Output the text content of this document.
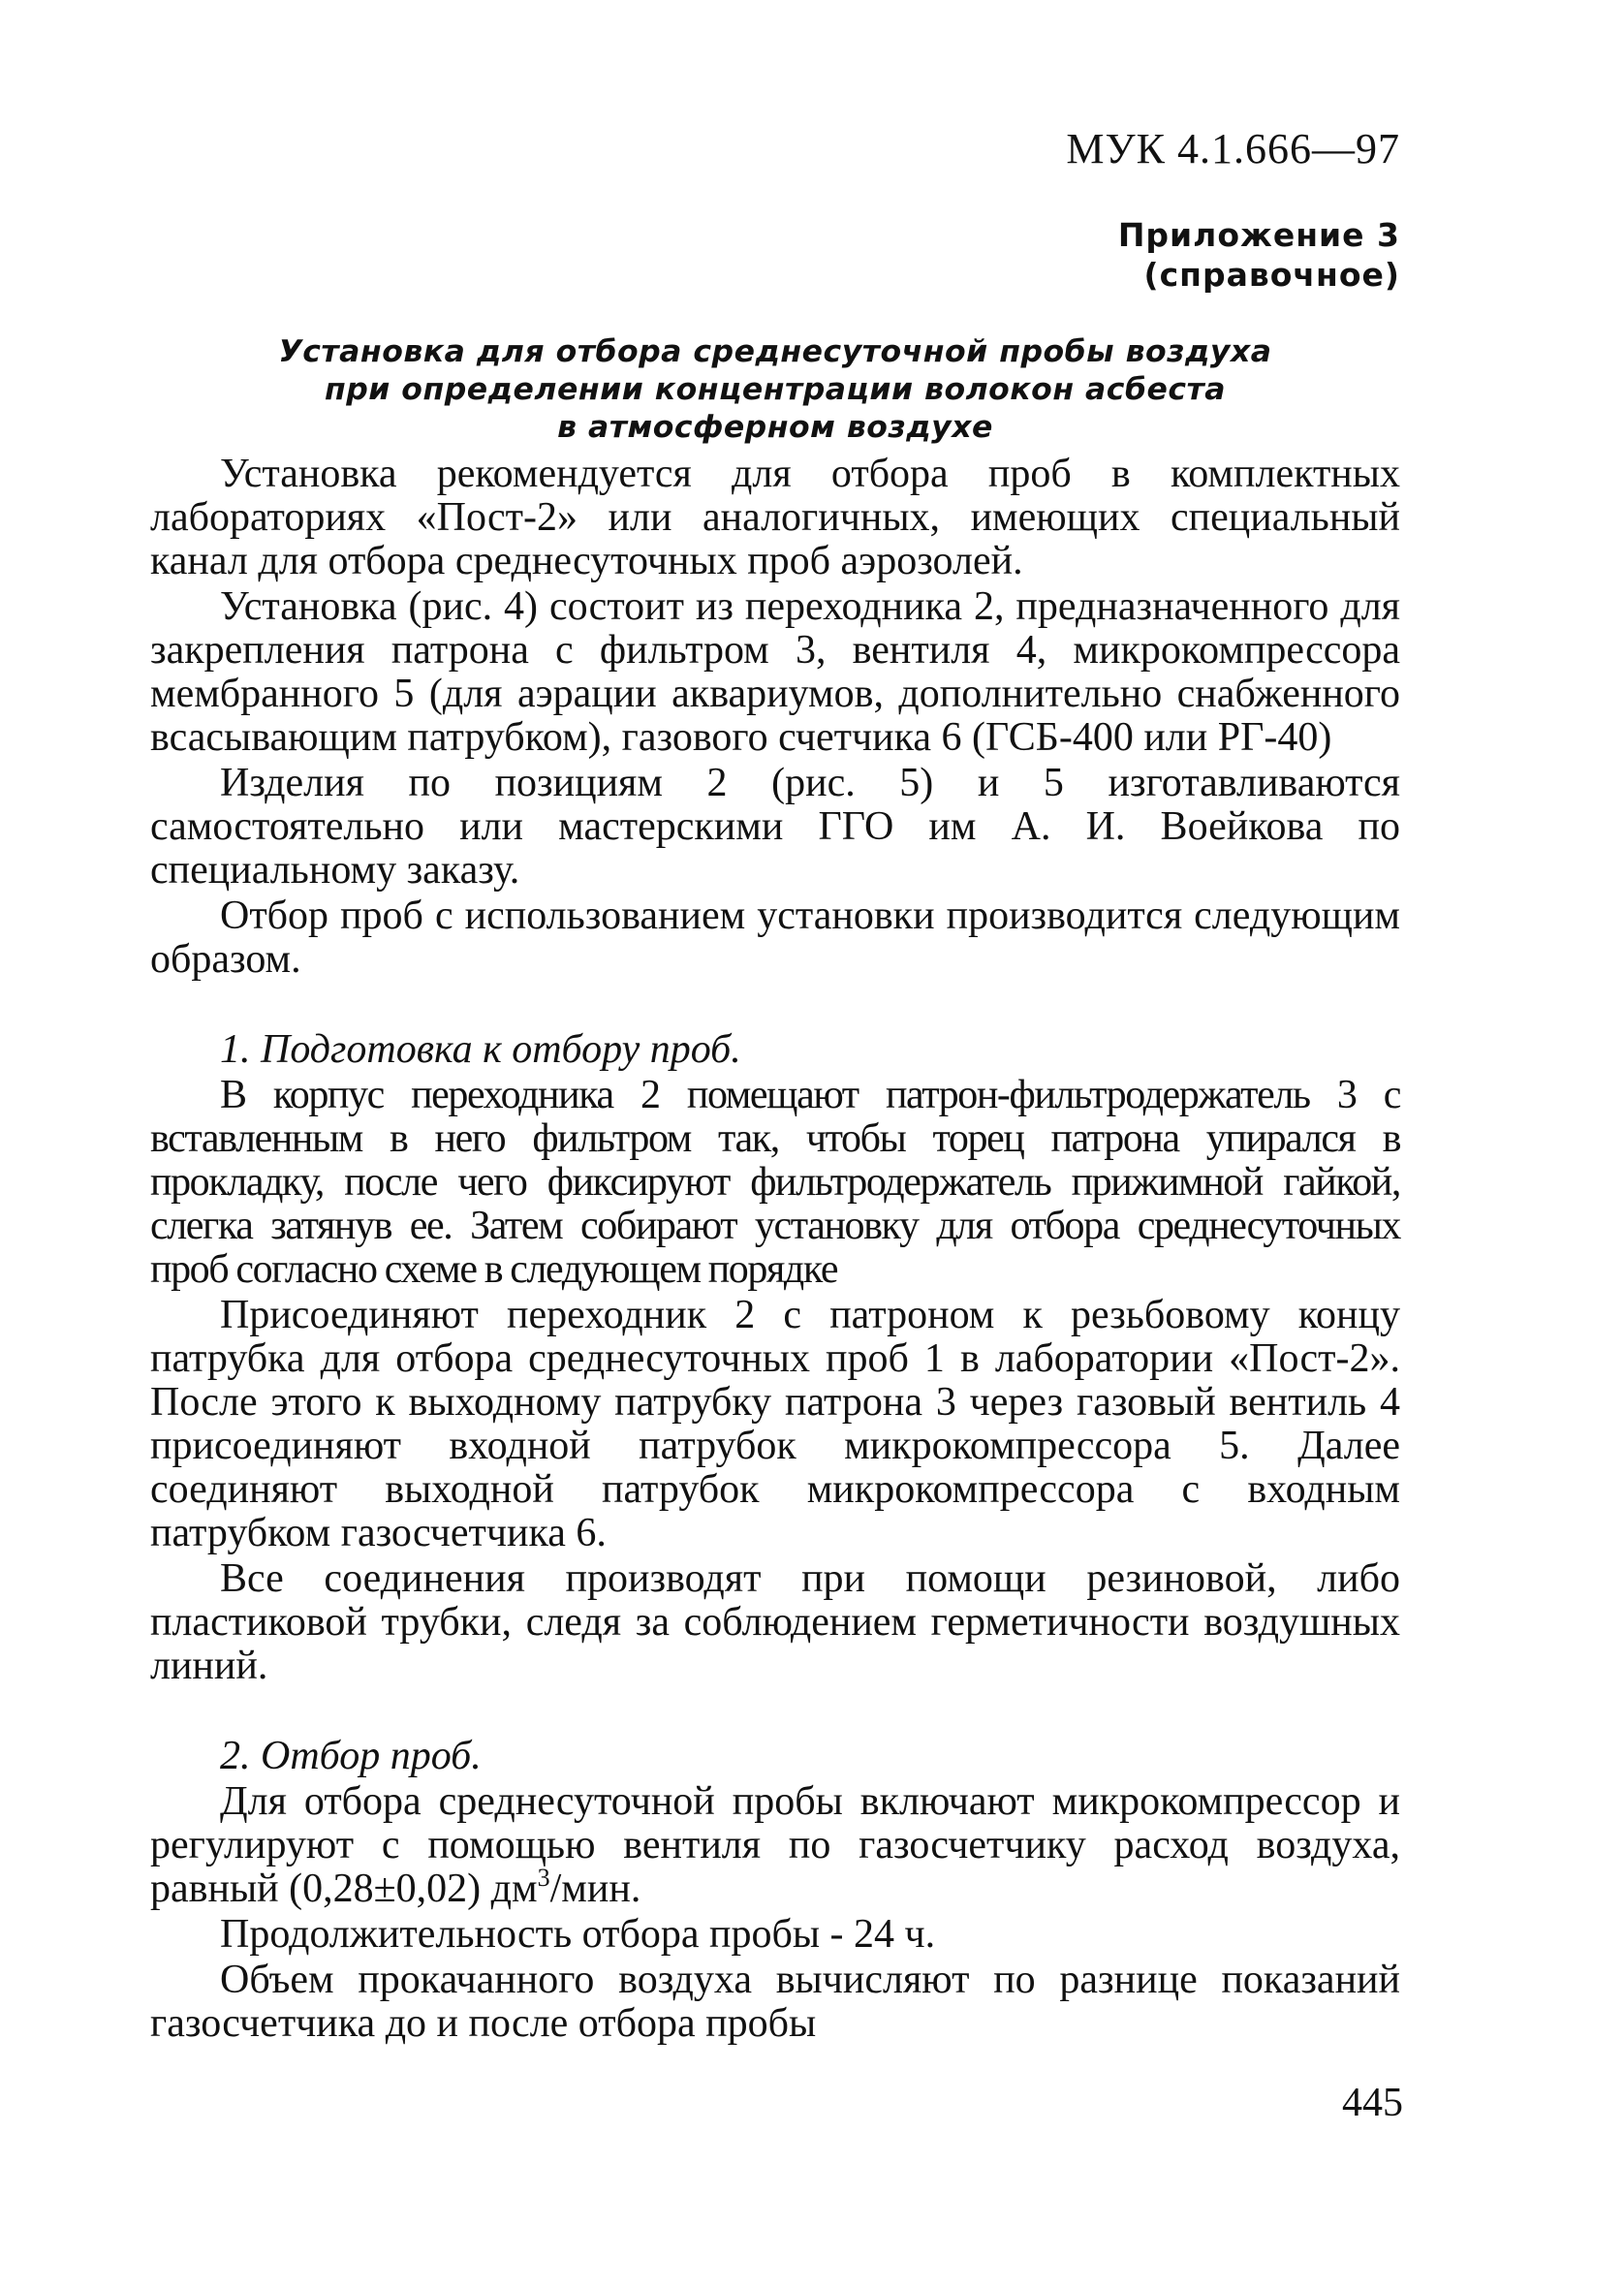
МУК 4.1.666—97

Приложение 3
(справочное)
Установка для отбора среднесуточной пробы воздуха
при определении концентрации волокон асбеста
в атмосферном воздухе

Установка рекомендуется для отбора проб в комплектных лабораториях «Пост-2» или аналогичных, имеющих специальный канал для отбора среднесуточных проб аэрозолей.

Установка (рис. 4) состоит из переходника 2, предназначенного для закрепления патрона с фильтром 3, вентиля 4, микрокомпрессора мембранного 5 (для аэрации аквариумов, дополнительно снабженного всасывающим патрубком), газового счетчика 6 (ГСБ-400 или РГ-40)

Изделия по позициям 2 (рис. 5) и 5 изготавливаются самостоятельно или мастерскими ГГО им А. И. Воейкова по специальному заказу.

Отбор проб с использованием установки производится следующим образом.

1. Подготовка к отбору проб.

В корпус переходника 2 помещают патрон-фильтродержатель 3 с вставленным в него фильтром так, чтобы торец патрона упирался в прокладку, после чего фиксируют фильтродержатель прижимной гайкой, слегка затянув ее. Затем собирают установку для отбора среднесуточных проб согласно схеме в следующем порядке

Присоединяют переходник 2 с патроном к резьбовому концу патрубка для отбора среднесуточных проб 1 в лаборатории «Пост-2». После этого к выходному патрубку патрона 3 через газовый вентиль 4 присоединяют входной патрубок микрокомпрессора 5. Далее соединяют выходной патрубок микрокомпрессора с входным патрубком газосчетчика 6.

Все соединения производят при помощи резиновой, либо пластиковой трубки, следя за соблюдением герметичности воздушных линий.

2. Отбор проб.

Для отбора среднесуточной пробы включают микрокомпрессор и регулируют с помощью вентиля по газосчетчику расход воздуха, равный (0,28±0,02) $дм^3$/мин.

Продолжительность отбора пробы - 24 ч.

Объем прокачанного воздуха вычисляют по разнице показаний газосчетчика до и после отбора пробы

445
